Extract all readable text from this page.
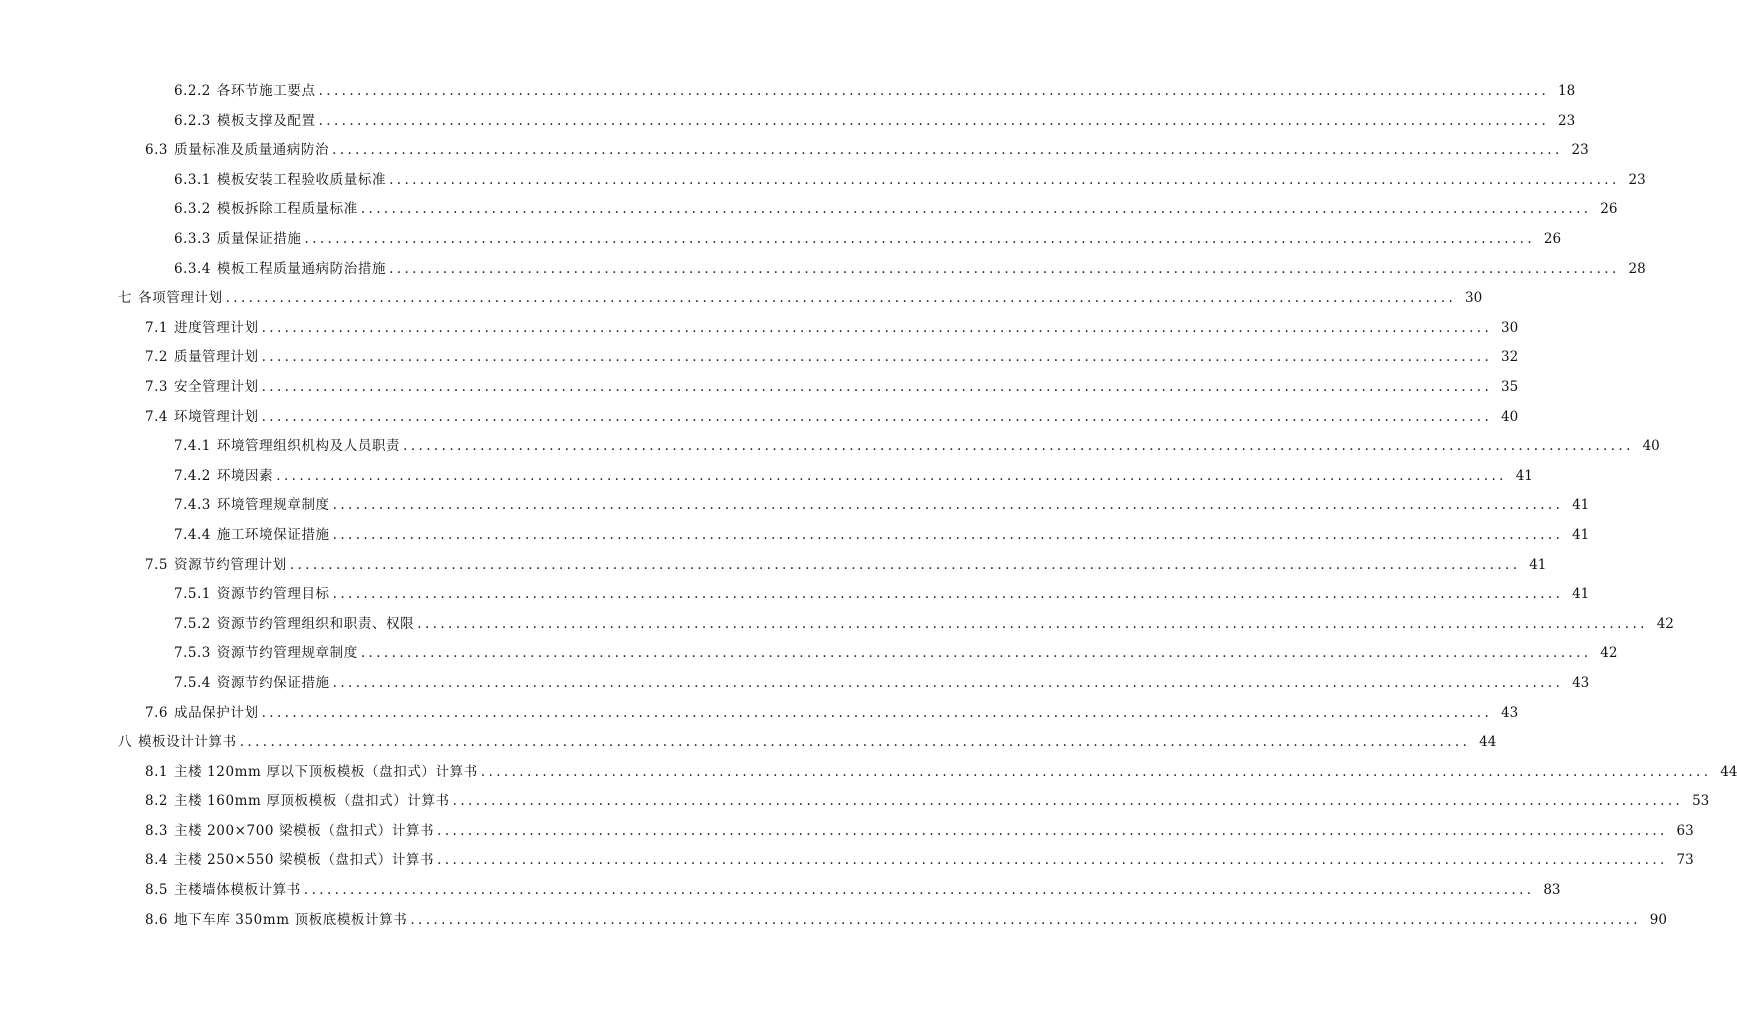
6.2.2 各环节施工要点 ................................................................................................................................................................ 18
6.2.3 模板支撑及配置 ................................................................................................................................................................ 23
6.3 质量标准及质量通病防治 ................................................................................................................................................................ 23
6.3.1 模板安装工程验收质量标准 ................................................................................................................................................................ 23
6.3.2 模板拆除工程质量标准 ................................................................................................................................................................ 26
6.3.3 质量保证措施 ................................................................................................................................................................ 26
6.3.4 模板工程质量通病防治措施 ................................................................................................................................................................ 28
七 各项管理计划 ................................................................................................................................................................ 30
7.1 进度管理计划 ................................................................................................................................................................ 30
7.2 质量管理计划 ................................................................................................................................................................ 32
7.3 安全管理计划 ................................................................................................................................................................ 35
7.4 环境管理计划 ................................................................................................................................................................ 40
7.4.1 环境管理组织机构及人员职责 ................................................................................................................................................................ 40
7.4.2 环境因素 ................................................................................................................................................................ 41
7.4.3 环境管理规章制度 ................................................................................................................................................................ 41
7.4.4 施工环境保证措施 ................................................................................................................................................................ 41
7.5 资源节约管理计划 ................................................................................................................................................................ 41
7.5.1 资源节约管理目标 ................................................................................................................................................................ 41
7.5.2 资源节约管理组织和职责、权限 ................................................................................................................................................................ 42
7.5.3 资源节约管理规章制度 ................................................................................................................................................................ 42
7.5.4 资源节约保证措施 ................................................................................................................................................................ 43
7.6 成品保护计划 ................................................................................................................................................................ 43
八 模板设计计算书 ................................................................................................................................................................ 44
8.1 主楼 120mm 厚以下顶板模板（盘扣式）计算书 ................................................................................................................................................................ 44
8.2 主楼 160mm 厚顶板模板（盘扣式）计算书 ................................................................................................................................................................ 53
8.3 主楼 200×700 梁模板（盘扣式）计算书 ................................................................................................................................................................ 63
8.4 主楼 250×550 梁模板（盘扣式）计算书 ................................................................................................................................................................ 73
8.5 主楼墙体模板计算书 ................................................................................................................................................................ 83
8.6 地下车库 350mm 顶板底模板计算书 ................................................................................................................................................................ 90
